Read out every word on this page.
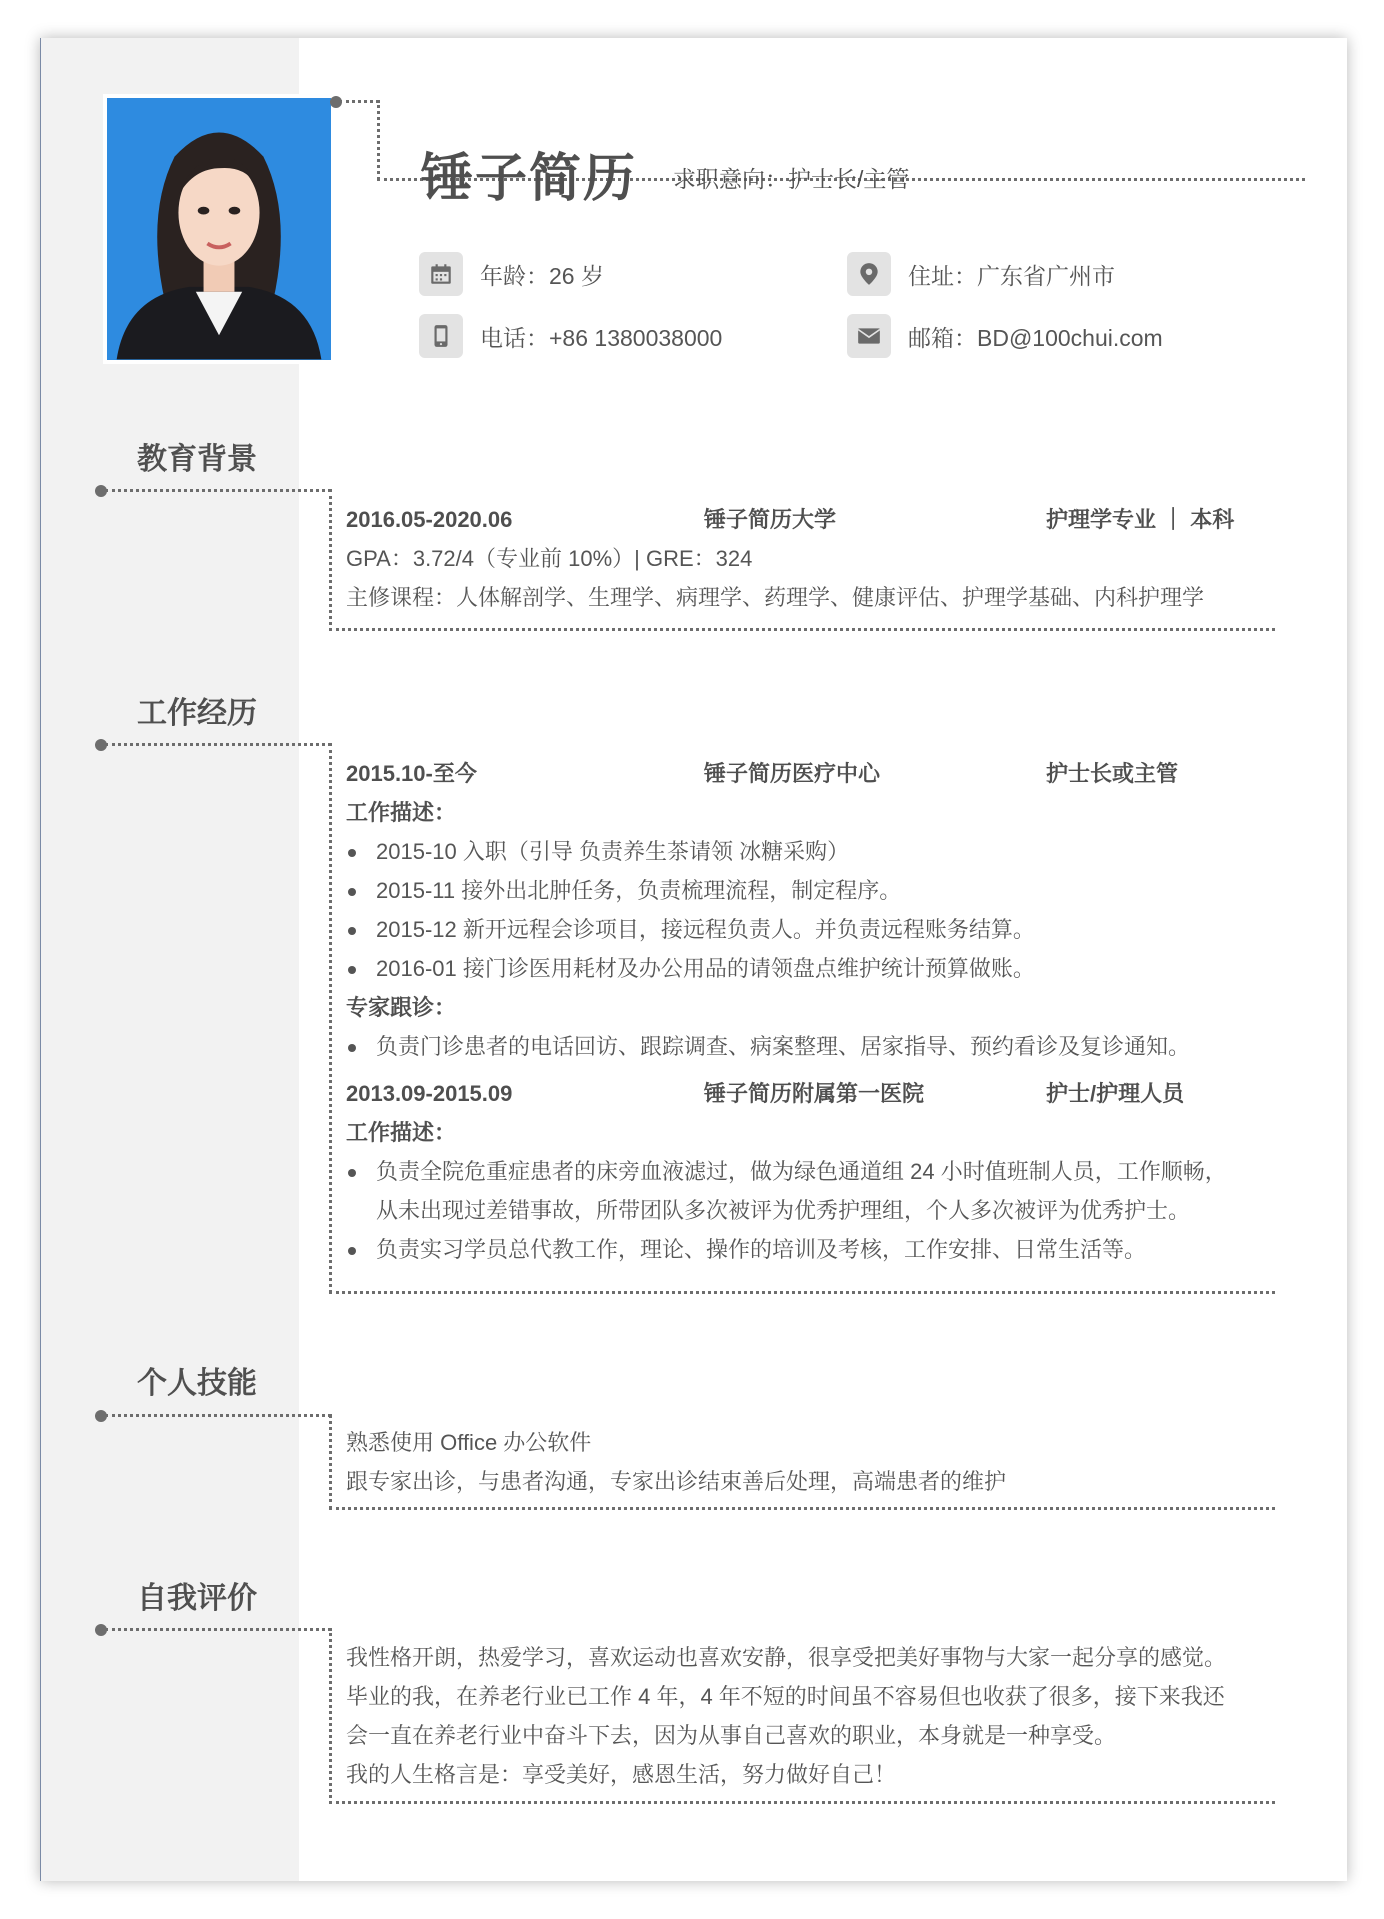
锤子简历 求职意向：护士长/主管
年龄：26 岁	住址：广东省广州市
电话：+86 1380038000	邮箱：BD@100chui.com
教育背景
2016.05-2020.06	锤子简历大学	护理学专业 ｜ 本科
GPA：3.72/4（专业前 10%）| GRE：324
主修课程：人体解剖学、生理学、病理学、药理学、健康评估、护理学基础、内科护理学
工作经历
2015.10-至今	锤子简历医疗中心	护士长或主管
工作描述：
2015-10 入职（引导 负责养生茶请领 冰糖采购）
2015-11 接外出北肿任务，负责梳理流程，制定程序。
2015-12 新开远程会诊项目，接远程负责人。并负责远程账务结算。
2016-01 接门诊医用耗材及办公用品的请领盘点维护统计预算做账。
专家跟诊：
负责门诊患者的电话回访、跟踪调查、病案整理、居家指导、预约看诊及复诊通知。
2013.09-2015.09	锤子简历附属第一医院	护士/护理人员
工作描述：
负责全院危重症患者的床旁血液滤过，做为绿色通道组 24 小时值班制人员，工作顺畅，
从未出现过差错事故，所带团队多次被评为优秀护理组，个人多次被评为优秀护士。
负责实习学员总代教工作，理论、操作的培训及考核，工作安排、日常生活等。
个人技能
熟悉使用 Office 办公软件
跟专家出诊，与患者沟通，专家出诊结束善后处理，高端患者的维护
自我评价
我性格开朗，热爱学习，喜欢运动也喜欢安静，很享受把美好事物与大家一起分享的感觉。
毕业的我，在养老行业已工作 4 年，4 年不短的时间虽不容易但也收获了很多，接下来我还
会一直在养老行业中奋斗下去，因为从事自己喜欢的职业，本身就是一种享受。
我的人生格言是：享受美好，感恩生活，努力做好自己！
